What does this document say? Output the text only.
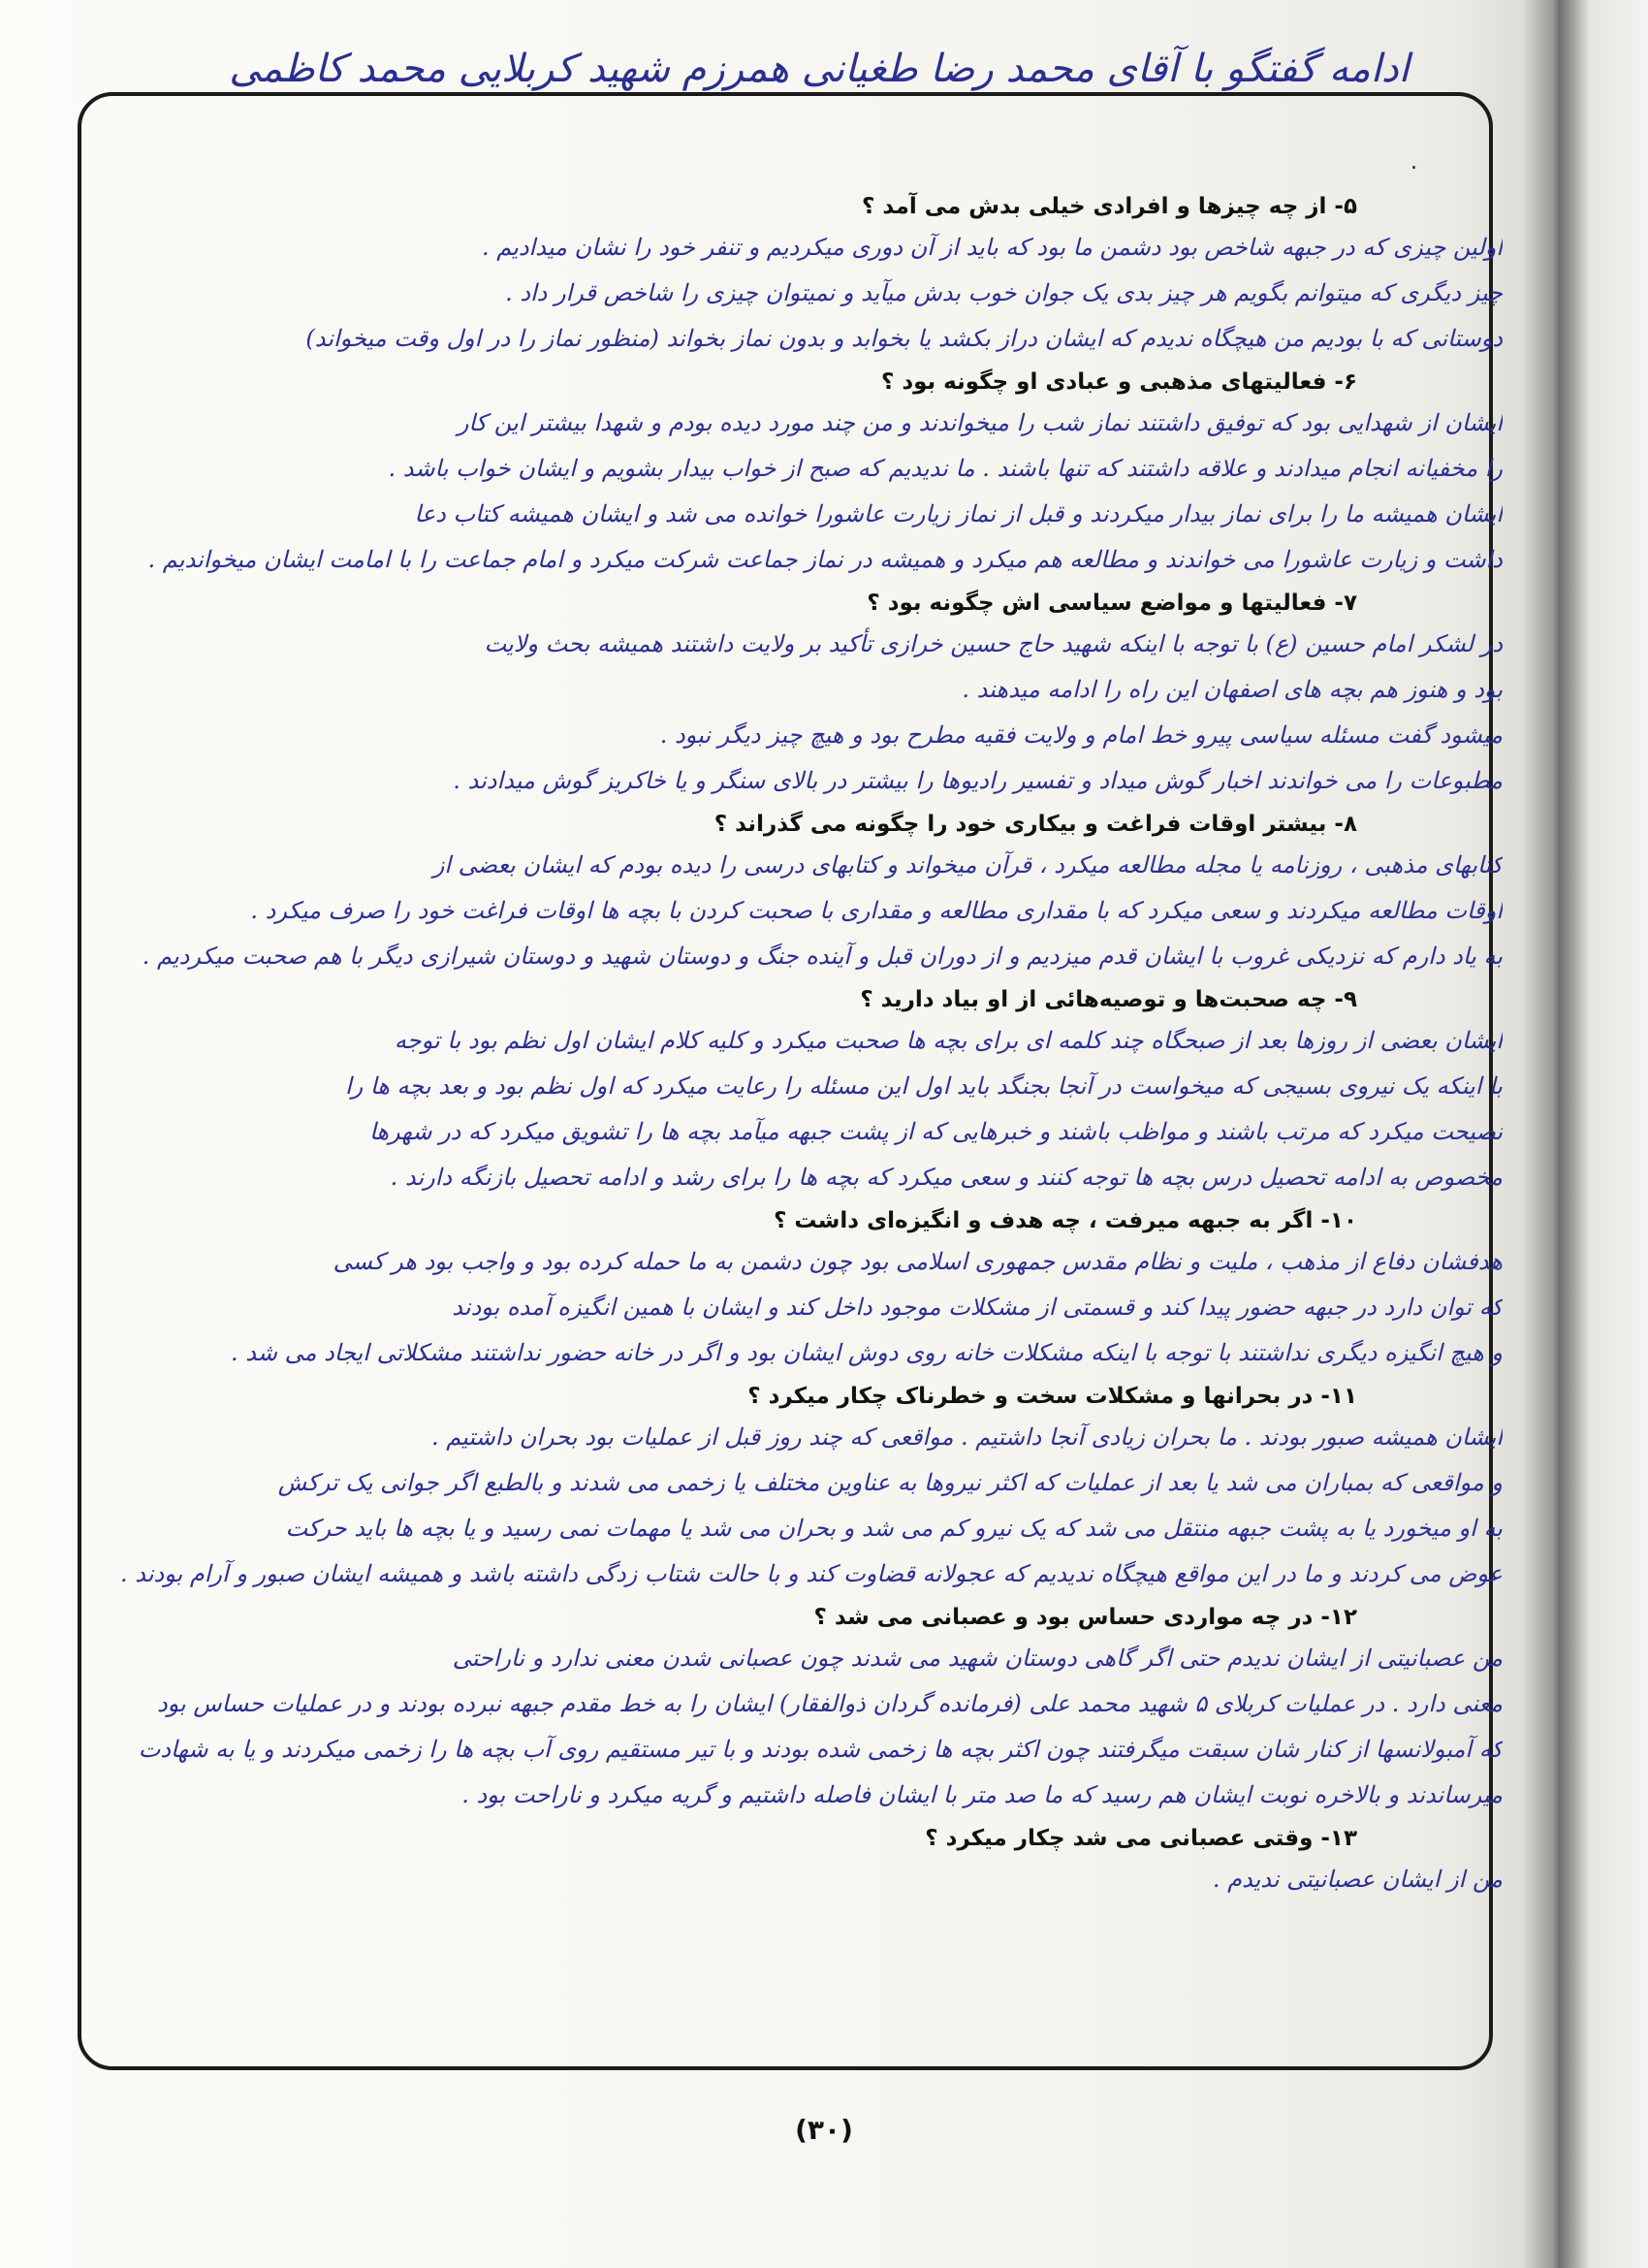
ادامه گفتگو با آقای محمد رضا طغیانی همرزم شهید کربلایی محمد کاظمی
.
۵- از چه چیزها و افرادی خیلی بدش می آمد ؟
اولین چیزی که در جبهه شاخص بود دشمن ما بود که باید از آن دوری میکردیم و تنفر خود را نشان میدادیم .
چیز دیگری که میتوانم بگویم هر چیز بدی یک جوان خوب بدش میآید و نمیتوان چیزی را شاخص قرار داد .
دوستانی که با بودیم من هیچگاه ندیدم که ایشان دراز بکشد یا بخوابد و بدون نماز بخواند (منظور نماز را در اول وقت میخواند)
۶- فعالیتهای مذهبی و عبادی او چگونه بود ؟
ایشان از شهدایی بود که توفیق داشتند نماز شب را میخواندند و من چند مورد دیده بودم و شهدا بیشتر این کار
را مخفیانه انجام میدادند و علاقه داشتند که تنها باشند . ما ندیدیم که صبح از خواب بیدار بشویم و ایشان خواب باشد .
ایشان همیشه ما را برای نماز بیدار میکردند و قبل از نماز زیارت عاشورا خوانده می شد و ایشان همیشه کتاب دعا
داشت و زیارت عاشورا می خواندند و مطالعه هم میکرد و همیشه در نماز جماعت شرکت میکرد و امام جماعت را با امامت ایشان میخواندیم .
۷- فعالیتها و مواضع سیاسی اش چگونه بود ؟
در لشکر امام حسین (ع) با توجه با اینکه شهید حاج حسین خرازی تأکید بر ولایت داشتند همیشه بحث ولایت
بود و هنوز هم بچه های اصفهان این راه را ادامه میدهند .
میشود گفت مسئله سیاسی پیرو خط امام و ولایت فقیه مطرح بود و هیچ چیز دیگر نبود .
مطبوعات را می خواندند اخبار گوش میداد و تفسیر رادیوها را بیشتر در بالای سنگر و یا خاکریز گوش میدادند .
۸- بیشتر اوقات فراغت و بیکاری خود را چگونه می گذراند ؟
کتابهای مذهبی ، روزنامه یا مجله مطالعه میکرد ، قرآن میخواند و کتابهای درسی را دیده بودم که ایشان بعضی از
اوقات مطالعه میکردند و سعی میکرد که با مقداری مطالعه و مقداری با صحبت کردن با بچه ها اوقات فراغت خود را صرف میکرد .
به یاد دارم که نزدیکی غروب با ایشان قدم میزدیم و از دوران قبل و آینده جنگ و دوستان شهید و دوستان شیرازی دیگر با هم صحبت میکردیم .
۹- چه صحبت‌ها و توصیه‌هائی از او بیاد دارید ؟
ایشان بعضی از روزها بعد از صبحگاه چند کلمه ای برای بچه ها صحبت میکرد و کلیه کلام ایشان اول نظم بود با توجه
با اینکه یک نیروی بسیجی که میخواست در آنجا بجنگد باید اول این مسئله را رعایت میکرد که اول نظم بود و بعد بچه ها را
نصیحت میکرد که مرتب باشند و مواظب باشند و خبرهایی که از پشت جبهه میآمد بچه ها را تشویق میکرد که در شهرها
مخصوص به ادامه تحصیل درس بچه ها توجه کنند و سعی میکرد که بچه ها را برای رشد و ادامه تحصیل بازنگه دارند .
۱۰- اگر به جبهه میرفت ، چه هدف و انگیزه‌ای داشت ؟
هدفشان دفاع از مذهب ، ملیت و نظام مقدس جمهوری اسلامی بود چون دشمن به ما حمله کرده بود و واجب بود هر کسی
که توان دارد در جبهه حضور پیدا کند و قسمتی از مشکلات موجود داخل کند و ایشان با همین انگیزه آمده بودند
و هیچ انگیزه دیگری نداشتند با توجه با اینکه مشکلات خانه روی دوش ایشان بود و اگر در خانه حضور نداشتند مشکلاتی ایجاد می شد .
۱۱- در بحرانها و مشکلات سخت و خطرناک چکار میکرد ؟
ایشان همیشه صبور بودند . ما بحران زیادی آنجا داشتیم . مواقعی که چند روز قبل از عملیات بود بحران داشتیم .
و مواقعی که بمباران می شد یا بعد از عملیات که اکثر نیروها به عناوین مختلف یا زخمی می شدند و بالطبع اگر جوانی یک ترکش
به او میخورد یا به پشت جبهه منتقل می شد که یک نیرو کم می شد و بحران می شد یا مهمات نمی رسید و یا بچه ها باید حرکت
عوض می کردند و ما در این مواقع هیچگاه ندیدیم که عجولانه قضاوت کند و با حالت شتاب زدگی داشته باشد و همیشه ایشان صبور و آرام بودند .
۱۲- در چه مواردی حساس بود و عصبانی می شد ؟
من عصبانیتی از ایشان ندیدم حتی اگر گاهی دوستان شهید می شدند چون عصبانی شدن معنی ندارد و ناراحتی
معنی دارد . در عملیات کربلای ۵ شهید محمد علی (فرمانده گردان ذوالفقار) ایشان را به خط مقدم جبهه نبرده بودند و در عملیات حساس بود
که آمبولانسها از کنار شان سبقت میگرفتند چون اکثر بچه ها زخمی شده بودند و با تیر مستقیم روی آب بچه ها را زخمی میکردند و یا به شهادت
میرساندند و بالاخره نوبت ایشان هم رسید که ما صد متر با ایشان فاصله داشتیم و گریه میکرد و ناراحت بود .
۱۳- وقتی عصبانی می شد چکار میکرد ؟
من از ایشان عصبانیتی ندیدم .
(۳۰)
